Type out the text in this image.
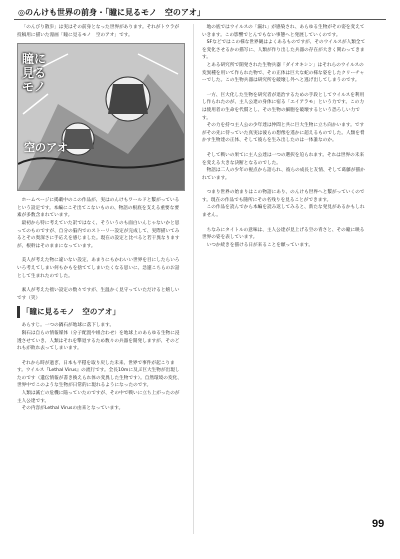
◎のんけも世界の前身・「瞳に見るモノ　空のアオ」

「のんびり散歩」は実はその前身となった世界があります。それがトウラが投稿用に描いた漫画「瞳に見るモノ　空のアオ」です。

瞳に見るモノ
空のアオ

ホームページに掲載中のこの作品が、実はのんけもワールドと繋がっているという設定です。本編にこそ出てこないものの、物語の根底を支える重要な要素が多数含まれています。

最初から特に考えていた訳ではなく、そういうのも面白いんじゃないかと思ってのものですが、自分の脳内でのストーリー設定が完成して、実際描いてみるとその奥深さに手応えを感じました。現在の設定と比べると若干異なりますが、根幹はそのままになっています。

美人が考えた物に違いない設定、あまりにもかわいい世界を目にしたらいろいろ考えてしまい何もかもを捨ててしまいたくなる思いに、急遽こちらのお話として生まれたのでした。

素人が考えた拙い設定の数々ですが、生温かく見守っていただけると嬉しいです（笑）

「瞳に見るモノ　空のアオ」

あらすじ。一つの鍋石が地球に落下します。

隕石は自らの情報媒体（分子配置や組合わせ）を地球上のあらゆる生物に浸透させていき、人類はそれを撃退するため数々の兵器を開発しますが、そのどれもが敗れ去ってしまいます。

それから時が過ぎ、日本も平穏を取り戻した未来、世界で事件が起こります。ウイルス『Lethal Virus』の流行です。全長10mに及ぶ巨大生物が出現したのです（遺伝情報が書き換えられ体の変異した生物です）。自然環境の変化、世界中でこのような生物が日常的に現れるようになったのです。

人類は滅亡の危機に陥っていたのですが、その中で戦いに立ち上がったのが主人公達です。

その内容がLethal Virusの由来となっています。

地の底ではウイルスの「漏れ」が感染され、あらゆる生物がその姿を変えていきます。この影響でとんでもない事態へと発展していくのです。

SFなどではこの様な世界観はよくあるものですが、そのウイルスが人類全てを変化させるかの描写に、人類が作り出した兵器の存在が大きく関わってきます。

とある研究所で開発された生物兵器「ダイオキシン」はそれらのウイルスの変異種を用いて作られた物で、その正体は巨大な蛇の様な姿をしたクリーチャーでした。この生物兵器は研究所を破壊し外へと逃げ出してしまうのです。

一方、巨大化した生物を研究者が退治するための手段としてウイルスを利用し作られたのが、主人公達の身体に宿る「エイアラモ」という力です。この力は使用者の生命を代償とし、その生物の細胞を破壊するという恐ろしい力です。

その力を持つ主人公の少年達は仲間と共に巨大生物に立ち向かいます。ですがその先に待っていた真実は彼らの想像を遥かに超えるものでした。人類を脅かす生物達の正体、そして彼らを生み出したのは一体誰なのか。

そして戦いの果てに主人公達は一つの選択を迫られます。それは世界の未来を変える大きな決断となるのでした。

物語は二人の少年の視点から語られ、彼らの成長と友情、そして葛藤が描かれています。

つまり世界の始まりはこの物語にあり、のんけも世界へと繋がっていくのです。現在の作品でも随所にその名残りを見ることができます。

この作品を読んでから本編を読み返してみると、新たな発見があるかもしれません。

ちなみにタイトルの意味は、主人公達が見上げる空の青さと、その瞳に映る世界の姿を表しています。

いつか続きを描ける日が来ることを願っています。

99
